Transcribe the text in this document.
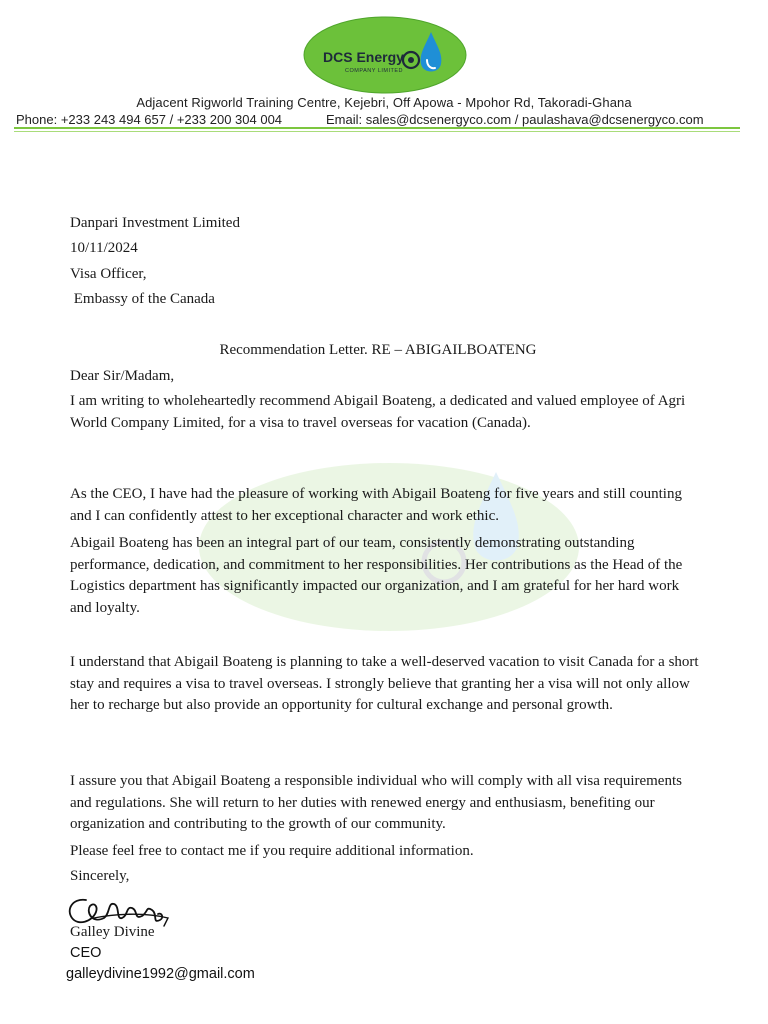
DCS Energy
COMPANY LIMITED
Adjacent Rigworld Training Centre, Kejebri, Off Apowa - Mpohor Rd, Takoradi-Ghana
Phone: +233 243 494 657 / +233 200 304 004	Email: sales@dcsenergyco.com / paulashava@dcsenergyco.com
Danpari Investment Limited
10/11/2024
Visa Officer,
Embassy of the Canada
Recommendation Letter. RE – ABIGAILBOATENG
Dear Sir/Madam,

I am writing to wholeheartedly recommend Abigail Boateng, a dedicated and valued employee of Agri World Company Limited, for a visa to travel overseas for vacation (Canada).

As the CEO, I have had the pleasure of working with Abigail Boateng for five years and still counting and I can confidently attest to her exceptional character and work ethic.

Abigail Boateng has been an integral part of our team, consistently demonstrating outstanding performance, dedication, and commitment to her responsibilities. Her contributions as the Head of the Logistics department has significantly impacted our organization, and I am grateful for her hard work and loyalty.

I understand that Abigail Boateng is planning to take a well-deserved vacation to visit Canada for a short stay and requires a visa to travel overseas. I strongly believe that granting her a visa will not only allow her to recharge but also provide an opportunity for cultural exchange and personal growth.

I assure you that Abigail Boateng a responsible individual who will comply with all visa requirements and regulations. She will return to her duties with renewed energy and enthusiasm, benefiting our organization and contributing to the growth of our community.

Please feel free to contact me if you require additional information.
Sincerely,
Galley Divine
CEO
galleydivine1992@gmail.com
